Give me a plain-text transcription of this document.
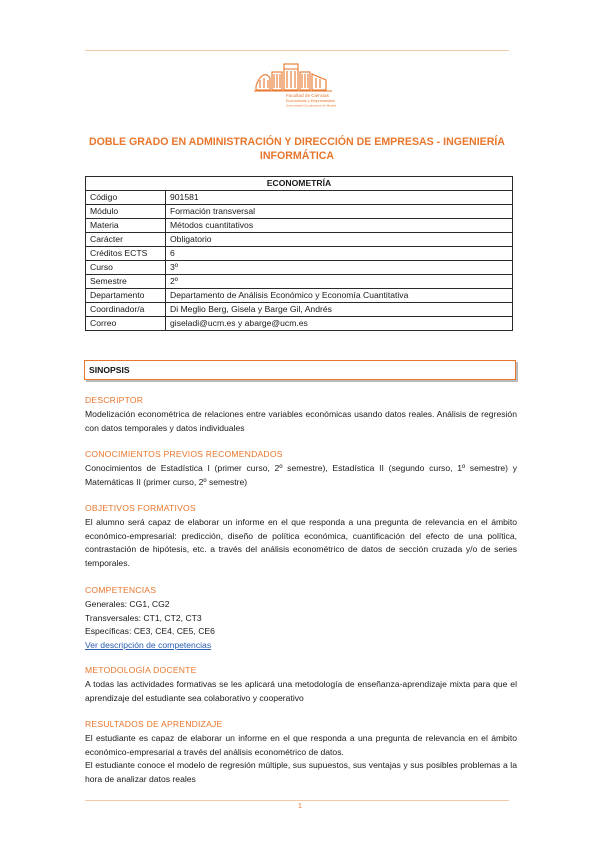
Facultad de Ciencias
Económicas y Empresariales
Universidad Complutense de Madrid
DOBLE GRADO EN ADMINISTRACIÓN Y DIRECCIÓN DE EMPRESAS - INGENIERÍA INFORMÁTICA
ECONOMETRÍA	
Código	901581
Módulo	Formación transversal
Materia	Métodos cuantitativos
Carácter	Obligatorio
Créditos ECTS	6
Curso	3º
Semestre	2º
Departamento	Departamento de Análisis Económico y Economía Cuantitativa
Coordinador/a	Di Meglio Berg, Gisela y Barge Gil, Andrés
Correo	giseladi@ucm.es y abarge@ucm.es
SINOPSIS
DESCRIPTOR

Modelización econométrica de relaciones entre variables económicas usando datos reales. Análisis de regresión con datos temporales y datos individuales

CONOCIMIENTOS PREVIOS RECOMENDADOS

Conocimientos de Estadística I (primer curso, 2º semestre), Estadística II (segundo curso, 1º semestre) y Matemáticas II (primer curso, 2º semestre)

OBJETIVOS FORMATIVOS

El alumno será capaz de elaborar un informe en el que responda a una pregunta de relevancia en el ámbito económico-empresarial: predicción, diseño de política económica, cuantificación del efecto de una política, contrastación de hipótesis, etc. a través del análisis econométrico de datos de sección cruzada y/o de series temporales.

COMPETENCIAS
Generales: CG1, CG2
Transversales: CT1, CT2, CT3
Específicas: CE3, CE4, CE5, CE6
Ver descripción de competencias
METODOLOGÍA DOCENTE

A todas las actividades formativas se les aplicará una metodología de enseñanza-aprendizaje mixta para que el aprendizaje del estudiante sea colaborativo y cooperativo

RESULTADOS DE APRENDIZAJE

El estudiante es capaz de elaborar un informe en el que responda a una pregunta de relevancia en el ámbito económico-empresarial a través del análisis econométrico de datos.

El estudiante conoce el modelo de regresión múltiple, sus supuestos, sus ventajas y sus posibles problemas a la hora de analizar datos reales

1
